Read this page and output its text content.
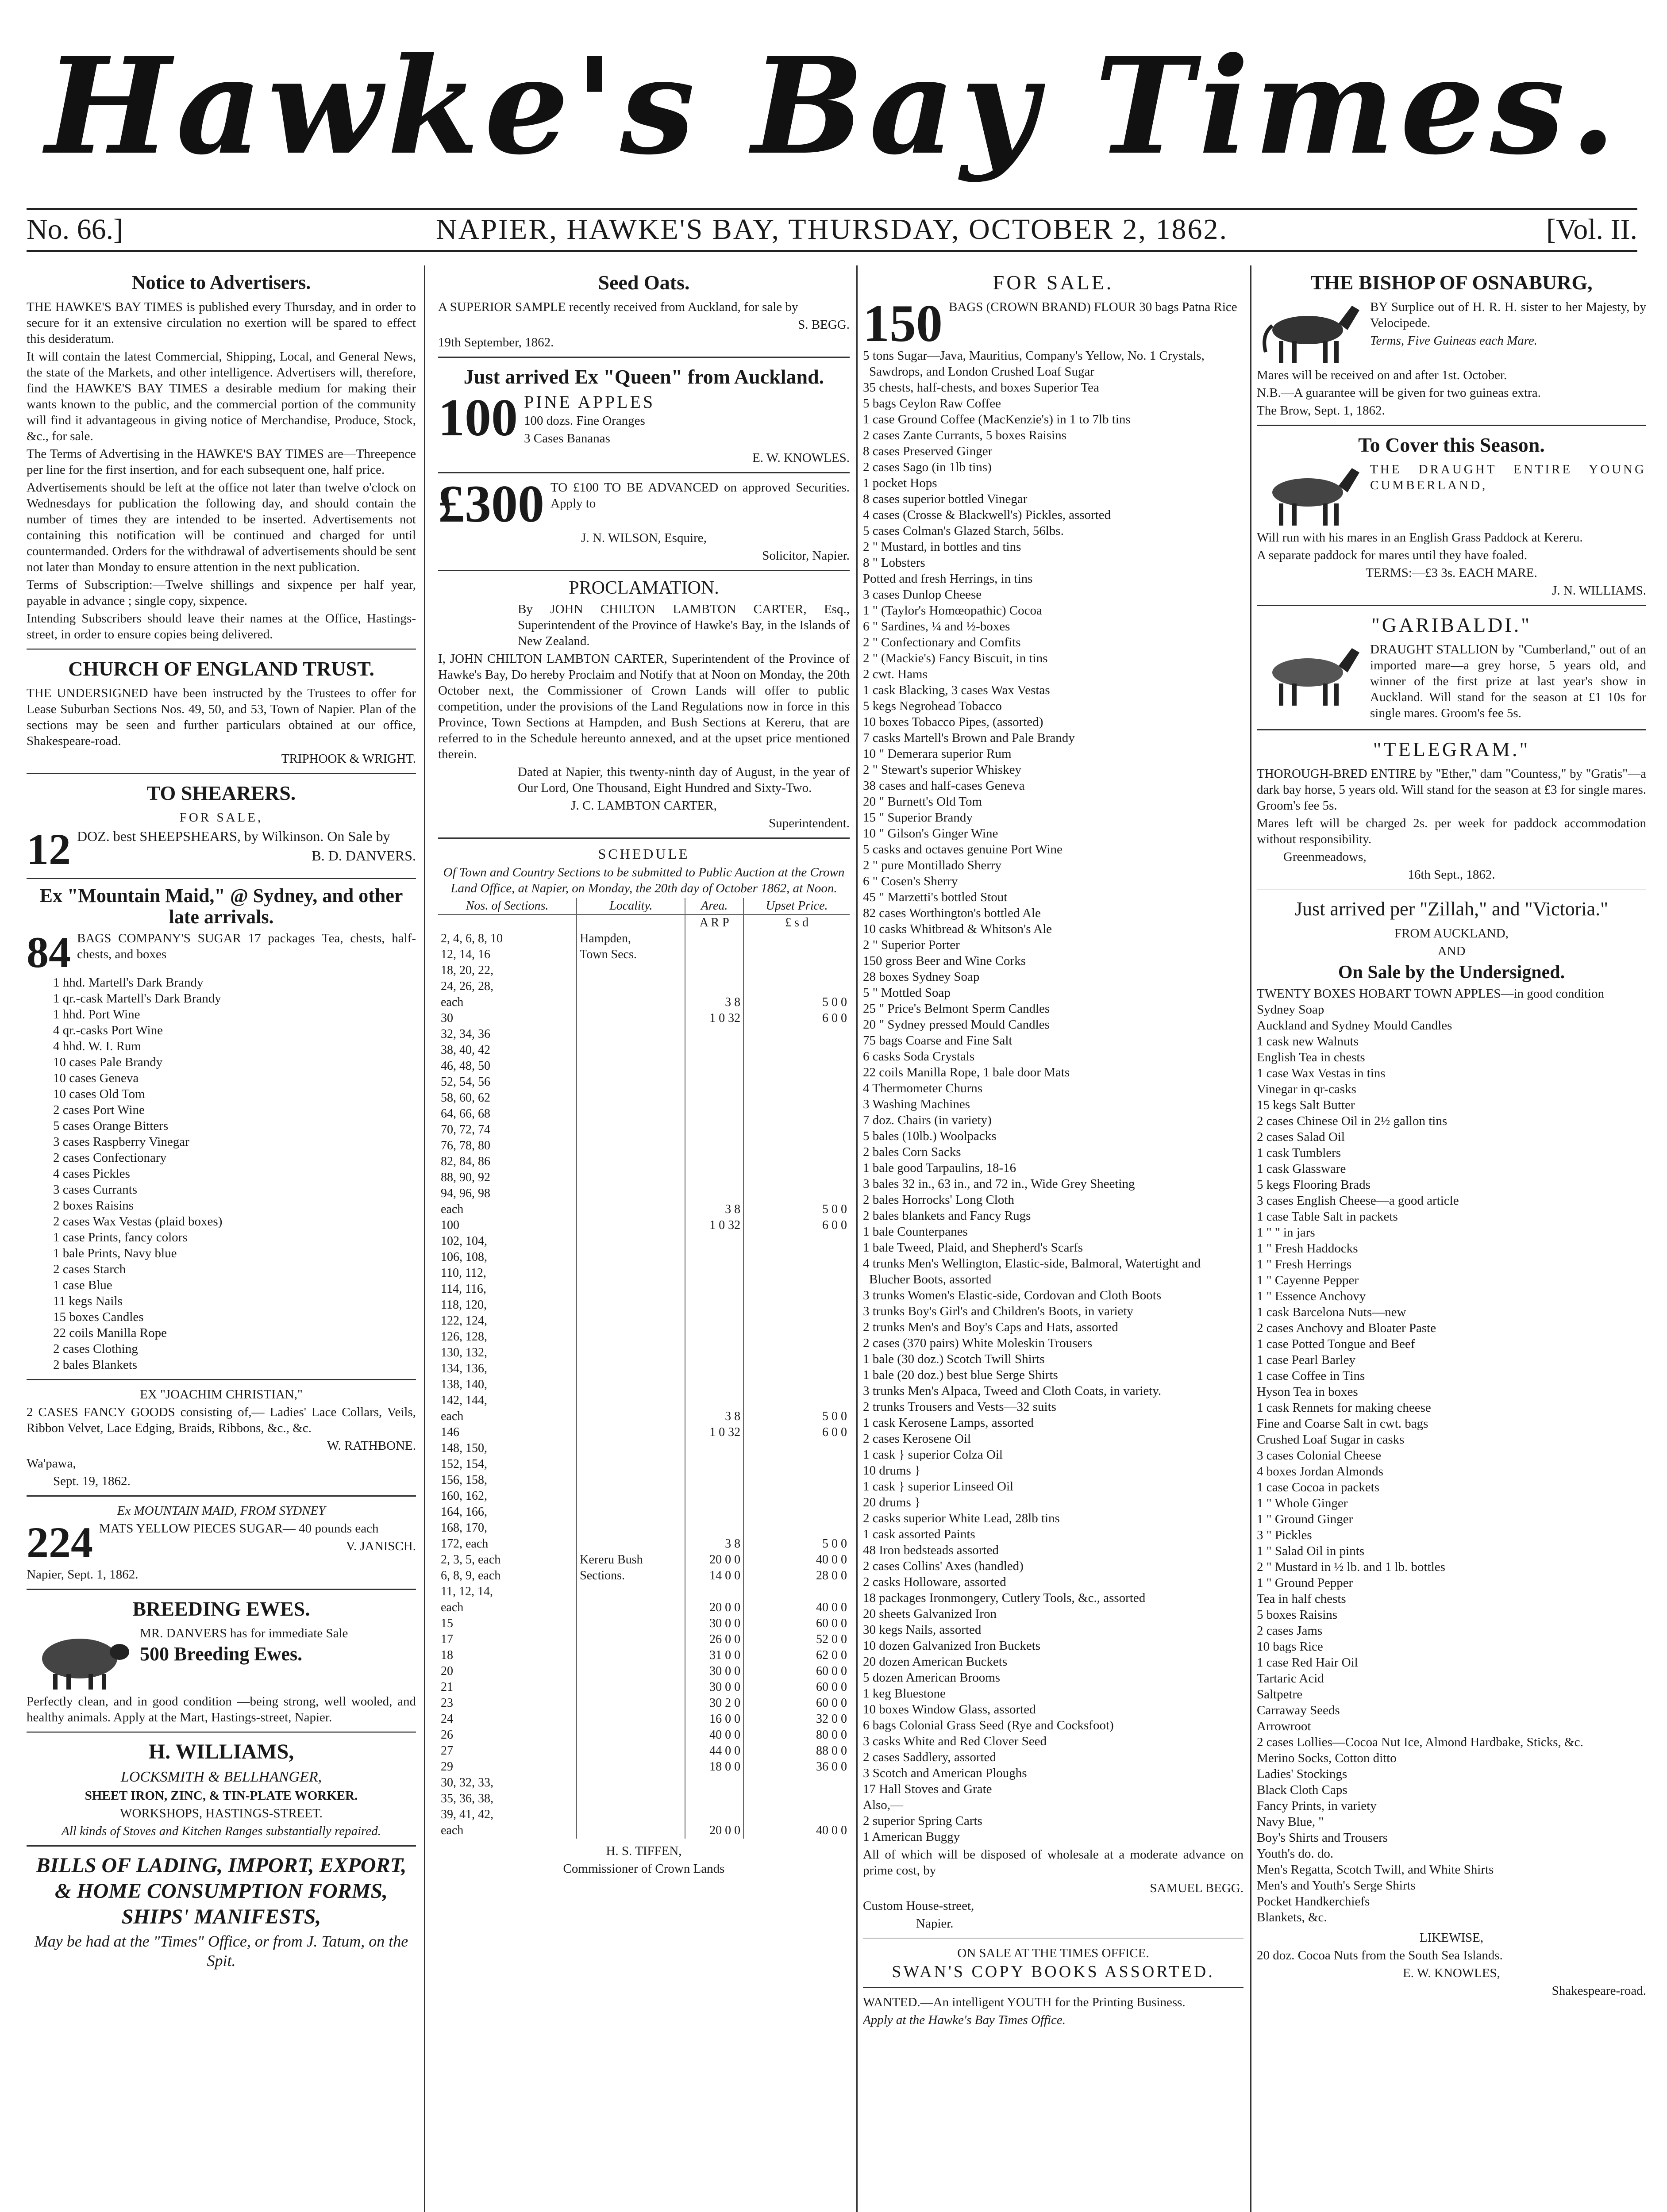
Hawke's Bay Times.
No. 66.]	NAPIER, HAWKE'S BAY, THURSDAY, OCTOBER 2, 1862.	[Vol. II.
Notice to Advertisers.

THE HAWKE'S BAY TIMES is published every Thursday, and in order to secure for it an extensive circulation no exertion will be spared to effect this desideratum.

It will contain the latest Commercial, Shipping, Local, and General News, the state of the Markets, and other intelligence. Advertisers will, therefore, find the HAWKE'S BAY TIMES a desirable medium for making their wants known to the public, and the commercial portion of the community will find it advantageous in giving notice of Merchandise, Produce, Stock, &c., for sale.

The Terms of Advertising in the HAWKE'S BAY TIMES are—Threepence per line for the first insertion, and for each subsequent one, half price.

Advertisements should be left at the office not later than twelve o'clock on Wednesdays for publication the following day, and should contain the number of times they are intended to be inserted. Advertisements not containing this notification will be continued and charged for until countermanded. Orders for the withdrawal of advertisements should be sent not later than Monday to ensure attention in the next publication.

Terms of Subscription:—Twelve shillings and sixpence per half year, payable in advance ; single copy, sixpence.

Intending Subscribers should leave their names at the Office, Hastings-street, in order to ensure copies being delivered.

CHURCH OF ENGLAND TRUST.

THE UNDERSIGNED have been instructed by the Trustees to offer for Lease Suburban Sections Nos. 49, 50, and 53, Town of Napier. Plan of the sections may be seen and further particulars obtained at our office, Shakespeare-road.

TRIPHOOK & WRIGHT.

TO SHEARERS.

FOR SALE,

12 DOZ. best SHEEPSHEARS, by Wilkinson. On Sale by

B. D. DANVERS.

Ex "Mountain Maid," @ Sydney, and other late arrivals.
84 BAGS COMPANY'S SUGAR 17 packages Tea, chests, half-chests, and boxes

1 hhd. Martell's Dark Brandy
1 qr.-cask Martell's Dark Brandy
1 hhd. Port Wine
4 qr.-casks Port Wine
4 hhd. W. I. Rum
10 cases Pale Brandy
10 cases Geneva
10 cases Old Tom
2 cases Port Wine
5 cases Orange Bitters
3 cases Raspberry Vinegar
2 cases Confectionary
4 cases Pickles
3 cases Currants
2 boxes Raisins
2 cases Wax Vestas (plaid boxes)
1 case Prints, fancy colors
1 bale Prints, Navy blue
2 cases Starch
1 case Blue
11 kegs Nails
15 boxes Candles
22 coils Manilla Rope
2 cases Clothing
2 bales Blankets

EX "JOACHIM CHRISTIAN,"

2 CASES FANCY GOODS consisting of,— Ladies' Lace Collars, Veils, Ribbon Velvet, Lace Edging, Braids, Ribbons, &c., &c.

W. RATHBONE.

Wa'pawa,

Sept. 19, 1862.

Ex MOUNTAIN MAID, FROM SYDNEY

224 MATS YELLOW PIECES SUGAR— 40 pounds each

V. JANISCH.

Napier, Sept. 1, 1862.

BREEDING EWES.

MR. DANVERS has for immediate Sale

500 Breeding Ewes.

Perfectly clean, and in good condition —being strong, well wooled, and healthy animals. Apply at the Mart, Hastings-street, Napier.

H. WILLIAMS,

LOCKSMITH & BELLHANGER,

SHEET IRON, ZINC, & TIN-PLATE WORKER.

WORKSHOPS, HASTINGS-STREET.

All kinds of Stoves and Kitchen Ranges substantially repaired.

BILLS OF LADING, IMPORT, EXPORT, & HOME CONSUMPTION FORMS, SHIPS' MANIFESTS,

May be had at the "Times" Office, or from J. Tatum, on the Spit.

Seed Oats.

A SUPERIOR SAMPLE recently received from Auckland, for sale by

S. BEGG.

19th September, 1862.

Just arrived Ex "Queen" from Auckland.
100 PINE APPLES

100 dozs. Fine Oranges

3 Cases Bananas

E. W. KNOWLES.

£300 TO £100 TO BE ADVANCED on approved Securities. Apply to

J. N. WILSON, Esquire,

Solicitor, Napier.

PROCLAMATION.

By JOHN CHILTON LAMBTON CARTER, Esq., Superintendent of the Province of Hawke's Bay, in the Islands of New Zealand.

I, JOHN CHILTON LAMBTON CARTER, Superintendent of the Province of Hawke's Bay, Do hereby Proclaim and Notify that at Noon on Monday, the 20th October next, the Commissioner of Crown Lands will offer to public competition, under the provisions of the Land Regulations now in force in this Province, Town Sections at Hampden, and Bush Sections at Kereru, that are referred to in the Schedule hereunto annexed, and at the upset price mentioned therein.

Dated at Napier, this twenty-ninth day of August, in the year of Our Lord, One Thousand, Eight Hundred and Sixty-Two.

J. C. LAMBTON CARTER,

Superintendent.

SCHEDULE

Of Town and Country Sections to be submitted to Public Auction at the Crown Land Office, at Napier, on Monday, the 20th day of October 1862, at Noon.

Nos. of Sections.	Locality.	Area.	Upset Price.
		A R P	£ s d
2, 4, 6, 8, 10	Hampden,		
12, 14, 16	Town Secs.		
18, 20, 22,			
24, 26, 28,			
each		3 8	5 0 0
30		1 0 32	6 0 0
32, 34, 36			
38, 40, 42			
46, 48, 50			
52, 54, 56			
58, 60, 62			
64, 66, 68			
70, 72, 74			
76, 78, 80			
82, 84, 86			
88, 90, 92			
94, 96, 98			
each		3 8	5 0 0
100		1 0 32	6 0 0
102, 104,			
106, 108,			
110, 112,			
114, 116,			
118, 120,			
122, 124,			
126, 128,			
130, 132,			
134, 136,			
138, 140,			
142, 144,			
each		3 8	5 0 0
146		1 0 32	6 0 0
148, 150,			
152, 154,			
156, 158,			
160, 162,			
164, 166,			
168, 170,			
172, each		3 8	5 0 0
2, 3, 5, each	Kereru Bush	20 0 0	40 0 0
6, 8, 9, each	Sections.	14 0 0	28 0 0
11, 12, 14,			
each		20 0 0	40 0 0
15		30 0 0	60 0 0
17		26 0 0	52 0 0
18		31 0 0	62 0 0
20		30 0 0	60 0 0
21		30 0 0	60 0 0
23		30 2 0	60 0 0
24		16 0 0	32 0 0
26		40 0 0	80 0 0
27		44 0 0	88 0 0
29		18 0 0	36 0 0
30, 32, 33,			
35, 36, 38,			
39, 41, 42,			
each		20 0 0	40 0 0

H. S. TIFFEN,

Commissioner of Crown Lands

FOR SALE.
150 BAGS (CROWN BRAND) FLOUR 30 bags Patna Rice

5 tons Sugar—Java, Mauritius, Company's Yellow, No. 1 Crystals, Sawdrops, and London Crushed Loaf Sugar
35 chests, half-chests, and boxes Superior Tea
5 bags Ceylon Raw Coffee
1 case Ground Coffee (MacKenzie's) in 1 to 7lb tins
2 cases Zante Currants, 5 boxes Raisins
8 cases Preserved Ginger
2 cases Sago (in 1lb tins)
1 pocket Hops
8 cases superior bottled Vinegar
4 cases (Crosse & Blackwell's) Pickles, assorted
5 cases Colman's Glazed Starch, 56lbs.
2 " Mustard, in bottles and tins
8 " Lobsters
Potted and fresh Herrings, in tins
3 cases Dunlop Cheese
1 " (Taylor's Homœopathic) Cocoa
6 " Sardines, ¼ and ½-boxes
2 " Confectionary and Comfits
2 " (Mackie's) Fancy Biscuit, in tins
2 cwt. Hams
1 cask Blacking, 3 cases Wax Vestas
5 kegs Negrohead Tobacco
10 boxes Tobacco Pipes, (assorted)
7 casks Martell's Brown and Pale Brandy
10 " Demerara superior Rum
2 " Stewart's superior Whiskey
38 cases and half-cases Geneva
20 " Burnett's Old Tom
15 " Superior Brandy
10 " Gilson's Ginger Wine
5 casks and octaves genuine Port Wine
2 " pure Montillado Sherry
6 " Cosen's Sherry
45 " Marzetti's bottled Stout
82 cases Worthington's bottled Ale
10 casks Whitbread & Whitson's Ale
2 " Superior Porter
150 gross Beer and Wine Corks
28 boxes Sydney Soap
5 " Mottled Soap
25 " Price's Belmont Sperm Candles
20 " Sydney pressed Mould Candles
75 bags Coarse and Fine Salt
6 casks Soda Crystals
22 coils Manilla Rope, 1 bale door Mats
4 Thermometer Churns
3 Washing Machines
7 doz. Chairs (in variety)
5 bales (10lb.) Woolpacks
2 bales Corn Sacks
1 bale good Tarpaulins, 18-16
3 bales 32 in., 63 in., and 72 in., Wide Grey Sheeting
2 bales Horrocks' Long Cloth
2 bales blankets and Fancy Rugs
1 bale Counterpanes
1 bale Tweed, Plaid, and Shepherd's Scarfs
4 trunks Men's Wellington, Elastic-side, Balmoral, Watertight and Blucher Boots, assorted
3 trunks Women's Elastic-side, Cordovan and Cloth Boots
3 trunks Boy's Girl's and Children's Boots, in variety
2 trunks Men's and Boy's Caps and Hats, assorted
2 cases (370 pairs) White Moleskin Trousers
1 bale (30 doz.) Scotch Twill Shirts
1 bale (20 doz.) best blue Serge Shirts
3 trunks Men's Alpaca, Tweed and Cloth Coats, in variety.
2 trunks Trousers and Vests—32 suits
1 cask Kerosene Lamps, assorted
2 cases Kerosene Oil
1 cask } superior Colza Oil
10 drums }
1 cask } superior Linseed Oil
20 drums }
2 casks superior White Lead, 28lb tins
1 cask assorted Paints
48 Iron bedsteads assorted
2 cases Collins' Axes (handled)
2 casks Holloware, assorted
18 packages Ironmongery, Cutlery Tools, &c., assorted
20 sheets Galvanized Iron
30 kegs Nails, assorted
10 dozen Galvanized Iron Buckets
20 dozen American Buckets
5 dozen American Brooms
1 keg Bluestone
10 boxes Window Glass, assorted
6 bags Colonial Grass Seed (Rye and Cocksfoot)
3 casks White and Red Clover Seed
2 cases Saddlery, assorted
3 Scotch and American Ploughs
17 Hall Stoves and Grate
Also,—
2 superior Spring Carts
1 American Buggy

All of which will be disposed of wholesale at a moderate advance on prime cost, by

SAMUEL BEGG.

Custom House-street,

Napier.

ON SALE AT THE TIMES OFFICE.

SWAN'S COPY BOOKS ASSORTED.

WANTED.—An intelligent YOUTH for the Printing Business.

Apply at the Hawke's Bay Times Office.

THE BISHOP OF OSNABURG,

BY Surplice out of H. R. H. sister to her Majesty, by Velocipede.

Terms, Five Guineas each Mare.

Mares will be received on and after 1st. October.

N.B.—A guarantee will be given for two guineas extra.

The Brow, Sept. 1, 1862.

To Cover this Season.

THE DRAUGHT ENTIRE YOUNG CUMBERLAND,

Will run with his mares in an English Grass Paddock at Kereru.

A separate paddock for mares until they have foaled.

TERMS:—£3 3s. EACH MARE.

J. N. WILLIAMS.

"GARIBALDI."

DRAUGHT STALLION by "Cumberland," out of an imported mare—a grey horse, 5 years old, and winner of the first prize at last year's show in Auckland. Will stand for the season at £1 10s for single mares. Groom's fee 5s.

"TELEGRAM."

THOROUGH-BRED ENTIRE by "Ether," dam "Countess," by "Gratis"—a dark bay horse, 5 years old. Will stand for the season at £3 for single mares. Groom's fee 5s.

Mares left will be charged 2s. per week for paddock accommodation without responsibility.

Greenmeadows,

16th Sept., 1862.

Just arrived per "Zillah," and "Victoria."

FROM AUCKLAND,

AND

On Sale by the Undersigned.
TWENTY BOXES HOBART TOWN APPLES—in good condition
Sydney Soap
Auckland and Sydney Mould Candles
1 cask new Walnuts
English Tea in chests
1 case Wax Vestas in tins
Vinegar in qr-casks
15 kegs Salt Butter
2 cases Chinese Oil in 2½ gallon tins
2 cases Salad Oil
1 cask Tumblers
1 cask Glassware
5 kegs Flooring Brads
3 cases English Cheese—a good article
1 case Table Salt in packets
1 " " in jars
1 " Fresh Haddocks
1 " Fresh Herrings
1 " Cayenne Pepper
1 " Essence Anchovy
1 cask Barcelona Nuts—new
2 cases Anchovy and Bloater Paste
1 case Potted Tongue and Beef
1 case Pearl Barley
1 case Coffee in Tins
Hyson Tea in boxes
1 cask Rennets for making cheese
Fine and Coarse Salt in cwt. bags
Crushed Loaf Sugar in casks
3 cases Colonial Cheese
4 boxes Jordan Almonds
1 case Cocoa in packets
1 " Whole Ginger
1 " Ground Ginger
3 " Pickles
1 " Salad Oil in pints
2 " Mustard in ½ lb. and 1 lb. bottles
1 " Ground Pepper
Tea in half chests
5 boxes Raisins
2 cases Jams
10 bags Rice
1 case Red Hair Oil
Tartaric Acid
Saltpetre
Carraway Seeds
Arrowroot
2 cases Lollies—Cocoa Nut Ice, Almond Hardbake, Sticks, &c.
Merino Socks, Cotton ditto
Ladies' Stockings
Black Cloth Caps
Fancy Prints, in variety
Navy Blue, "
Boy's Shirts and Trousers
Youth's do. do.
Men's Regatta, Scotch Twill, and White Shirts
Men's and Youth's Serge Shirts
Pocket Handkerchiefs
Blankets, &c.

LIKEWISE,

20 doz. Cocoa Nuts from the South Sea Islands.

E. W. KNOWLES,

Shakespeare-road.
